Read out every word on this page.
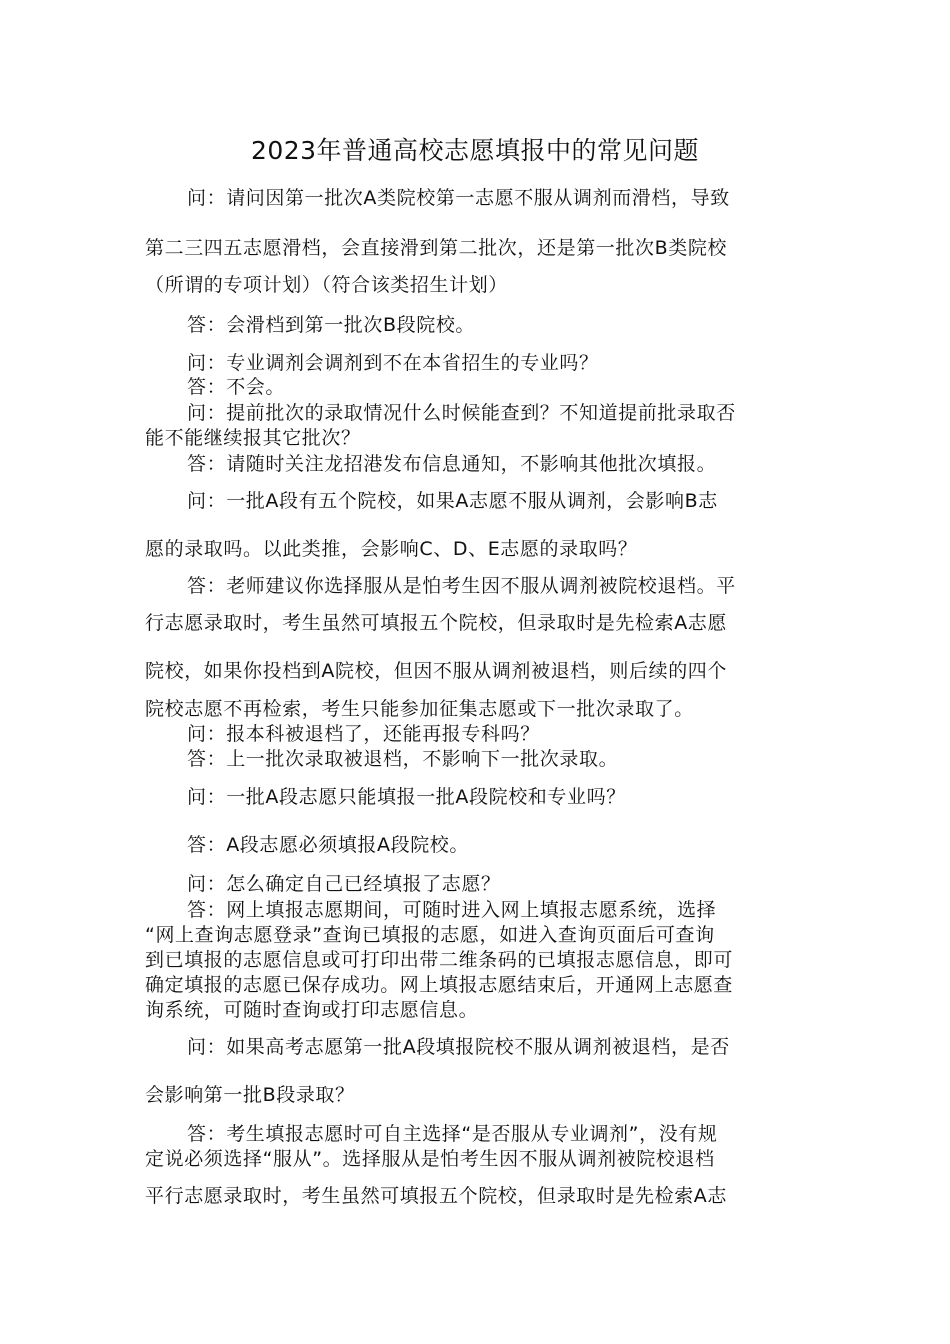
2023年普通高校志愿填报中的常见问题
问：请问因第一批次A类院校第一志愿不服从调剂而滑档，导致
第二三四五志愿滑档，会直接滑到第二批次，还是第一批次B类院校
（所谓的专项计划）（符合该类招生计划）
答：会滑档到第一批次B段院校。
问：专业调剂会调剂到不在本省招生的专业吗？
答：不会。
问：提前批次的录取情况什么时候能查到？不知道提前批录取否
能不能继续报其它批次？
答：请随时关注龙招港发布信息通知，不影响其他批次填报。
问：一批A段有五个院校，如果A志愿不服从调剂，会影响B志
愿的录取吗。以此类推，会影响C、D、E志愿的录取吗？
答：老师建议你选择服从是怕考生因不服从调剂被院校退档。平
行志愿录取时，考生虽然可填报五个院校，但录取时是先检索A志愿
院校，如果你投档到A院校，但因不服从调剂被退档，则后续的四个
院校志愿不再检索，考生只能参加征集志愿或下一批次录取了。
问：报本科被退档了，还能再报专科吗？
答：上一批次录取被退档，不影响下一批次录取。
问：一批A段志愿只能填报一批A段院校和专业吗？
答：A段志愿必须填报A段院校。
问：怎么确定自己已经填报了志愿？
答：网上填报志愿期间，可随时进入网上填报志愿系统，选择
“网上查询志愿登录”查询已填报的志愿，如进入查询页面后可查询
到已填报的志愿信息或可打印出带二维条码的已填报志愿信息，即可
确定填报的志愿已保存成功。网上填报志愿结束后，开通网上志愿查
询系统，可随时查询或打印志愿信息。
问：如果高考志愿第一批A段填报院校不服从调剂被退档，是否
会影响第一批B段录取？
答：考生填报志愿时可自主选择“是否服从专业调剂”，没有规
定说必须选择“服从”。选择服从是怕考生因不服从调剂被院校退档
平行志愿录取时，考生虽然可填报五个院校，但录取时是先检索A志
